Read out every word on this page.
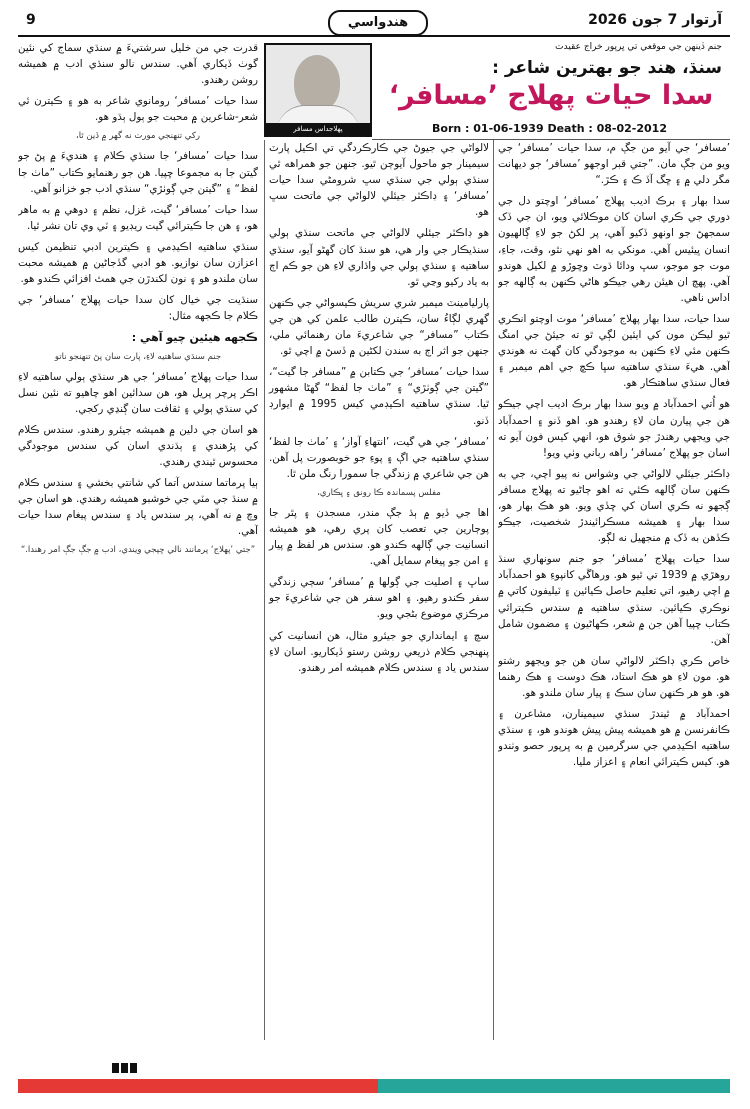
9	هندواسي	آرتوار 7 جون 2026
پهلاجداس مسافر
جنم ڏينهن جي موقعي تي ڀرپور خراج عقيدت
سنڌ، هند جو بهترين شاعر :
سدا حيات پهلاج ’مسافر‘
Born : 01-06-1939 Death : 08-02-2012

’مسافر‘ جي آيو من جڳ م، سدا حيات ’مسافر‘ جي ويو من جڳ مان. ”جتي قبر اوجهو ’مسافر‘ جو ديهانت مگر دلي ۾ ۽ ڇگ آڏ ڪ ۽ ڪڙ.“

سدا بهار ۽ برڪ اديب پهلاج ’مسافر‘ اوچتو دل جي دوري جي ڪري اسان کان موڪلائي ويو، ان جي ڏک سمجهڻ جو اونهو ڏکيو آهي، پر لکڻ جو لاءِ ڳالهيون انسان ڀيئيس آهي. مونکي به اهو نهي نٿو، وقت، جاءِ، موت جو موجو، سڀ ودائا ڌوٽ وڇوڙو ۾ لکيل هوندو آهي. پهچ ان هيئن رهي جيڪو هاڻي ڪنهن به ڳالهه جو اداس ناهي.

سدا حيات، سدا بهار پهلاج ’مسافر‘ موت اوچتو انڪري ٿيو ليڪن مون کي ايئين لڳي ٿو ته جيئڻ جي امنگ ڪنهن مئي لاءِ ڪنهن به موجودگي کان گهٽ نه هوندي آهي. هيءَ سنڌي ساهتيه سڀا ڪڇ جي اهم ميمبر ۽ فعال سنڌي ساهتڪار هو.

هو اُتي احمدآباد ۾ ويو سدا بهار برڪ اديب اچي جيڪو هن جي پيارن مان لاءِ رهندو هو. اهو ڏنو ۽ احمدآباد جي ويجهي رهندڙ جو شوق هو، انهي کيس فون آيو ته اسان جو پهلاج ’مسافر‘ راهه رباني وٺي ويو!

ڊاڪٽر جيئلي لالواڻي جي وشواس نه پيو اچي، جي به ڪنهن سان ڳالهه ڪئي ته اهو ڄاڻيو ته پهلاج مسافر ڳجهو نه ڪري اسان کي ڇڏي ويو. هو هڪ بهار هو، سدا بهار ۽ هميشه مسڪرائيندڙ شخصيت، جيڪو ڪڏهن به ڏک ۾ منجهيل نه لڳو.

سدا حيات پهلاج ’مسافر‘ جو جنم سونهاري سنڌ روهڙي ۾ 1939 تي ٿيو هو. ورهاڱي کانپوءِ هو احمدآباد ۾ اچي رهيو، اتي تعليم حاصل ڪيائين ۽ ٽيليفون کاتي ۾ نوڪري ڪيائين. سنڌي ساهتيه ۾ سندس ڪيترائي ڪتاب ڇپيا آهن جن ۾ شعر، ڪهاڻيون ۽ مضمون شامل آهن.

خاص ڪري ڊاڪٽر لالواڻي سان هن جو ويجهو رشتو هو. مون لاءِ هو هڪ استاد، هڪ دوست ۽ هڪ رهنما هو. هو هر ڪنهن سان سڪ ۽ پيار سان ملندو هو.

احمدآباد ۾ ٿيندڙ سنڌي سيمينارن، مشاعرن ۽ ڪانفرنسن ۾ هو هميشه پيش پيش هوندو هو، ۽ سنڌي ساهتيه اڪيڊمي جي سرگرمين ۾ به ڀرپور حصو وٺندو هو. کيس ڪيترائي انعام ۽ اعزاز مليا.

لالواڻي جي جيوڻ جي ڪارڪردگي تي اڪيل پارٽ سيمينار جو ماحول آيوڄن ٿيو. جنهن جو همراهه ٿي سنڌي ٻولي جي سنڌي سڀ شرومڻي سدا حيات ’مسافر‘ ۽ ڊاڪٽر جيئلي لالواڻي جي ماتحت سڀ هو.

هو ڊاڪٽر جيئلي لالواڻي جي ماتحت سنڌي ٻولي سنڌيڪار جي وار هي، هو سنڌ کان گهڻو آيو، سنڌي ساهتيه ۽ سنڌي ٻولي جي واڌاري لاءِ هن جو ڪم اڄ به ياد رکيو وڃي ٿو.

پارليامينٽ ميمبر شري سريش ڪيسواڻي جي ڪنهن گهري لڳاءُ سان، ڪيترن طالب علمن کي هن جي ڪتاب ”مسافر“ جي شاعريءَ مان رهنمائي ملي، جنهن جو اثر اڄ به سندن لکڻين ۾ ڏسڻ ۾ اچي ٿو.

سدا حيات ’مسافر‘ جي ڪتابن ۾ ”مسافر جا گيت“، ”گيتن جي ڳوٺڙي“ ۽ ”ماٺ جا لفظ“ گهڻا مشهور ٿيا. سنڌي ساهتيه اڪيڊمي کيس 1995 ۾ ايوارڊ ڏنو.

’مسافر‘ جي هي گيت، ’انتهاءِ آواز‘ ۽ ’ماٺ جا لفظ‘ سنڌي ساهتيه جي اڳ ۽ پوءِ جو خوبصورت پل آهن. هن جي شاعري ۾ زندگي جا سمورا رنگ ملن ٿا.

مفلس پسماندہ ڪا رونق ۽ ڀڪاري،

اها جي ڏيو ۾ ٻڌ جڳ مندر، مسجدن ۽ پٿر جا پوڄارين جي تعصب کان پري رهي، هو هميشه انسانيت جي ڳالهه ڪندو هو. سندس هر لفظ ۾ پيار ۽ امن جو پيغام سمايل آهي.

ساڀ ۽ اصليت جي ڳولها ۾ ’مسافر‘ سڄي زندگي سفر ڪندو رهيو. ۽ اهو سفر هن جي شاعريءَ جو مرڪزي موضوع بڻجي ويو.

سچ ۽ ايمانداري جو جيئرو مثال، هن انسانيت کي پنهنجي ڪلام ذريعي روشن رستو ڏيکاريو. اسان لاءِ سندس ياد ۽ سندس ڪلام هميشه امر رهندو.

قدرت جي من خليل سرشتيءَ ۾ سنڌي سماج کي نئين گوٺ ڏيکاري آهي. سندس نالو سنڌي ادب ۾ هميشه روشن رهندو.

سدا حيات ’مسافر‘ رومانوي شاعر به هو ۽ ڪيترن ئي شعر-شاعرين ۾ محبت جو ٻول ٻڌو هو.

رکي تنهنجي مورت نه گهر ۾ ڏين ٿا،

سدا حيات ’مسافر‘ جا سنڌي ڪلام ۽ هنديءَ ۾ پڻ جو گيتن جا به مجموعا ڇپيا. هن جو رهنمايو ڪتاب ”ماٺ جا لفظ“ ۽ ”گيتن جي ڳوٺڙي“ سنڌي ادب جو خزانو آهي.

سدا حيات ’مسافر‘ گيت، غزل، نظم ۽ دوهي ۾ به ماهر هو، ۽ هن جا ڪيترائي گيت ريڊيو ۽ ٽي وي تان نشر ٿيا.

سنڌي ساهتيه اڪيڊمي ۽ ڪيترين ادبي تنظيمن کيس اعزازن سان نوازيو. هو ادبي گڏجاڻين ۾ هميشه محبت سان ملندو هو ۽ نون لکندڙن جي همٿ افزائي ڪندو هو.

سنڌيت جي خيال کان سدا حيات پهلاج ’مسافر‘ جي ڪلام جا ڪجهه مثال:

ڪجهه هيئين چيو آهي :
جنم سنڌي ساهتيه لاءِ، پارت سان پڻ تنهنجو ناتو

سدا حيات پهلاج ’مسافر‘ جي هر سنڌي ٻولي ساهتيه لاءِ اڪر پرچر پريل هو، هن سدائين اهو چاهيو ته نئين نسل کي سنڌي ٻولي ۽ ثقافت سان ڳنڍي رکجي.

هو اسان جي دلين ۾ هميشه جيئرو رهندو. سندس ڪلام کي پڙهندي ۽ ٻڌندي اسان کي سندس موجودگي محسوس ٿيندي رهندي.

ٻيا پرماتما سندس آتما کي شانتي بخشي ۽ سندس ڪلام ۾ سنڌ جي مٽي جي خوشبو هميشه رهندي. هو اسان جي وچ ۾ نه آهي، پر سندس ياد ۽ سندس پيغام سدا حيات آهي.

”جتي ’پهلاج‘ پرمانند نالي ڇپجي ويندي، ادب ۾ جڳ جڳ امر رهندا.“
